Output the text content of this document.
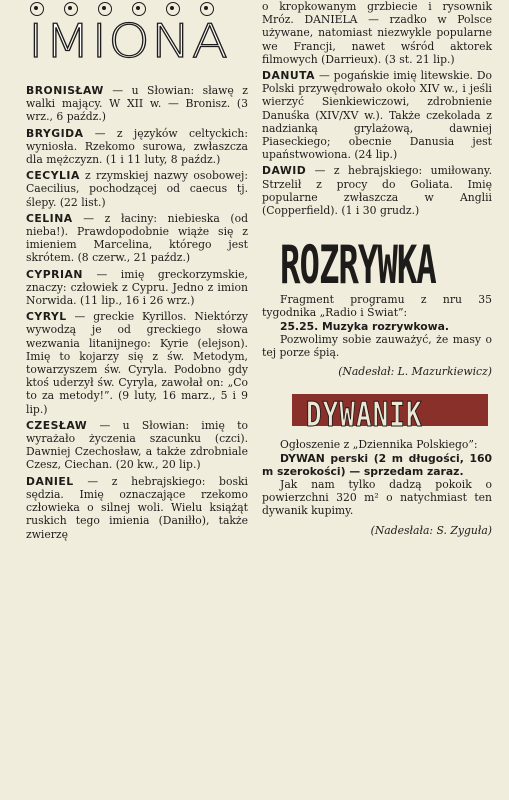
IMIONA

BRONISŁAW — u Słowian: sławę z walki mający. W XII w. — Bronisz. (3 wrz., 6 paźdz.)

BRYGIDA — z języków celtyckich: wyniosła. Rzekomo surowa, zwłaszcza dla mężczyzn. (1 i 11 luty, 8 paźdz.)

CECYLIA z rzymskiej nazwy osobowej: Caecilius, pochodzącej od caecus tj. ślepy. (22 list.)

CELINA — z łaciny: niebieska (od nieba!). Prawdopodobnie wiąże się z imieniem Marcelina, którego jest skrótem. (8 czerw., 21 paźdz.)

CYPRIAN — imię greckorzymskie, znaczy: człowiek z Cypru. Jedno z imion Norwida. (11 lip., 16 i 26 wrz.)

CYRYL — greckie Kyrillos. Niektórzy wywodzą je od greckiego słowa wezwania litanijnego: Kyrie (elejson). Imię to kojarzy się z św. Metodym, towarzyszem św. Cyryla. Podobno gdy ktoś uderzył św. Cyryla, zawołał on: „Co to za metody!”. (9 luty, 16 marz., 5 i 9 lip.)

CZESŁAW — u Słowian: imię to wyrażało życzenia szacunku (czci). Dawniej Czechosław, a także zdrobniale Czesz, Ciechan. (20 kw., 20 lip.)

DANIEL — z hebrajskiego: boski sędzia. Imię oznaczające rzekomo człowieka o silnej woli. Wielu książąt ruskich tego imienia (Daniłło), także zwierzę

o kropkowanym grzbiecie i rysownik Mróz. DANIELA — rzadko w Polsce używane, natomiast niezwykle popularne we Francji, nawet wśród aktorek filmowych (Darrieux). (3 st. 21 lip.)

DANUTA — pogańskie imię litewskie. Do Polski przywędrowało około XIV w., i jeśli wierzyć Sienkiewiczowi, zdrobnienie Danuśka (XIV/XV w.). Także czekolada z nadzianką grylażową, dawniej Piaseckiego; obecnie Danusia jest upaństwowiona. (24 lip.)

DAWID — z hebrajskiego: umiłowany. Strzelił z procy do Goliata. Imię popularne zwłaszcza w Anglii (Copperfield). (1 i 30 grudz.)

ROZRYWKA

Fragment programu z nru 35 tygodnika „Radio i Świat”:

25.25. Muzyka rozrywkowa.

Pozwolimy sobie zauważyć, że masy o tej porze śpią.

(Nadesłał: L. Mazurkiewicz)

DYWANIK

Ogłoszenie z „Dziennika Polskiego”:

DYWAN perski (2 m długości, 160 m szerokości) — sprzedam zaraz.

Jak nam tylko dadzą pokoik o powierzchni 320 m² o natychmiast ten dywanik kupimy.

(Nadesłała: S. Zyguła)
